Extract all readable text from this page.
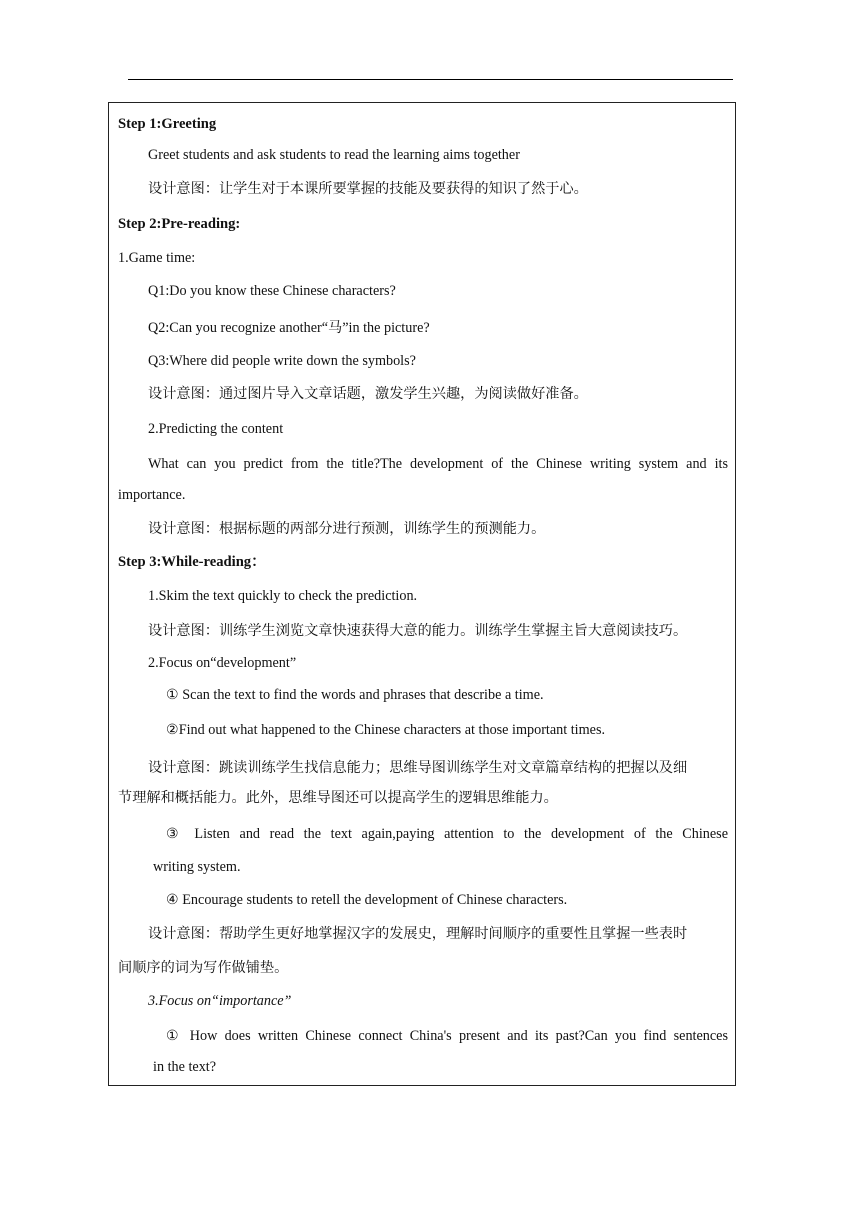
Step 1:Greeting
Greet students and ask students to read the learning aims together
设计意图：让学生对于本课所要掌握的技能及要获得的知识了然于心。
Step 2:Pre-reading:
1.Game time:
Q1:Do you know these Chinese characters?
Q2:Can you recognize another“马”in the picture?
Q3:Where did people write down the symbols?
设计意图：通过图片导入文章话题，激发学生兴趣，为阅读做好准备。
2.Predicting the content
What can you predict from the title?The development of the Chinese writing system and its
importance.
设计意图：根据标题的两部分进行预测，训练学生的预测能力。
Step 3:While-reading：
1.Skim the text quickly to check the prediction.
设计意图：训练学生浏览文章快速获得大意的能力。训练学生掌握主旨大意阅读技巧。
2.Focus on“development”
① Scan the text to find the words and phrases that describe a time.
②Find out what happened to the Chinese characters at those important times.
设计意图：跳读训练学生找信息能力；思维导图训练学生对文章篇章结构的把握以及细
节理解和概括能力。此外，思维导图还可以提高学生的逻辑思维能力。
③ Listen and read the text again,paying attention to the development of the Chinese
writing system.
④ Encourage students to retell the development of Chinese characters.
设计意图：帮助学生更好地掌握汉字的发展史，理解时间顺序的重要性且掌握一些表时
间顺序的词为写作做铺垫。
3.Focus on“importance”
① How does written Chinese connect China's present and its past?Can you find sentences
in the text?
